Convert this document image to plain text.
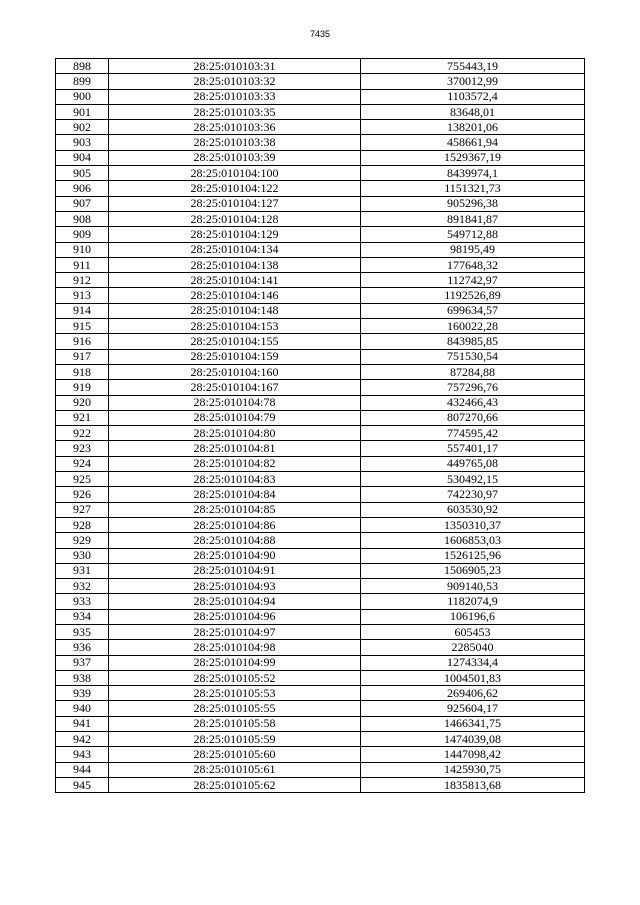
7435
898	28:25:010103:31	755443,19
899	28:25:010103:32	370012,99
900	28:25:010103:33	1103572,4
901	28:25:010103:35	83648,01
902	28:25:010103:36	138201,06
903	28:25:010103:38	458661,94
904	28:25:010103:39	1529367,19
905	28:25:010104:100	8439974,1
906	28:25:010104:122	1151321,73
907	28:25:010104:127	905296,38
908	28:25:010104:128	891841,87
909	28:25:010104:129	549712,88
910	28:25:010104:134	98195,49
911	28:25:010104:138	177648,32
912	28:25:010104:141	112742,97
913	28:25:010104:146	1192526,89
914	28:25:010104:148	699634,57
915	28:25:010104:153	160022,28
916	28:25:010104:155	843985,85
917	28:25:010104:159	751530,54
918	28:25:010104:160	87284,88
919	28:25:010104:167	757296,76
920	28:25:010104:78	432466,43
921	28:25:010104:79	807270,66
922	28:25:010104:80	774595,42
923	28:25:010104:81	557401,17
924	28:25:010104:82	449765,08
925	28:25:010104:83	530492,15
926	28:25:010104:84	742230,97
927	28:25:010104:85	603530,92
928	28:25:010104:86	1350310,37
929	28:25:010104:88	1606853,03
930	28:25:010104:90	1526125,96
931	28:25:010104:91	1506905,23
932	28:25:010104:93	909140,53
933	28:25:010104:94	1182074,9
934	28:25:010104:96	106196,6
935	28:25:010104:97	605453
936	28:25:010104:98	2285040
937	28:25:010104:99	1274334,4
938	28:25:010105:52	1004501,83
939	28:25:010105:53	269406,62
940	28:25:010105:55	925604,17
941	28:25:010105:58	1466341,75
942	28:25:010105:59	1474039,08
943	28:25:010105:60	1447098,42
944	28:25:010105:61	1425930,75
945	28:25:010105:62	1835813,68
